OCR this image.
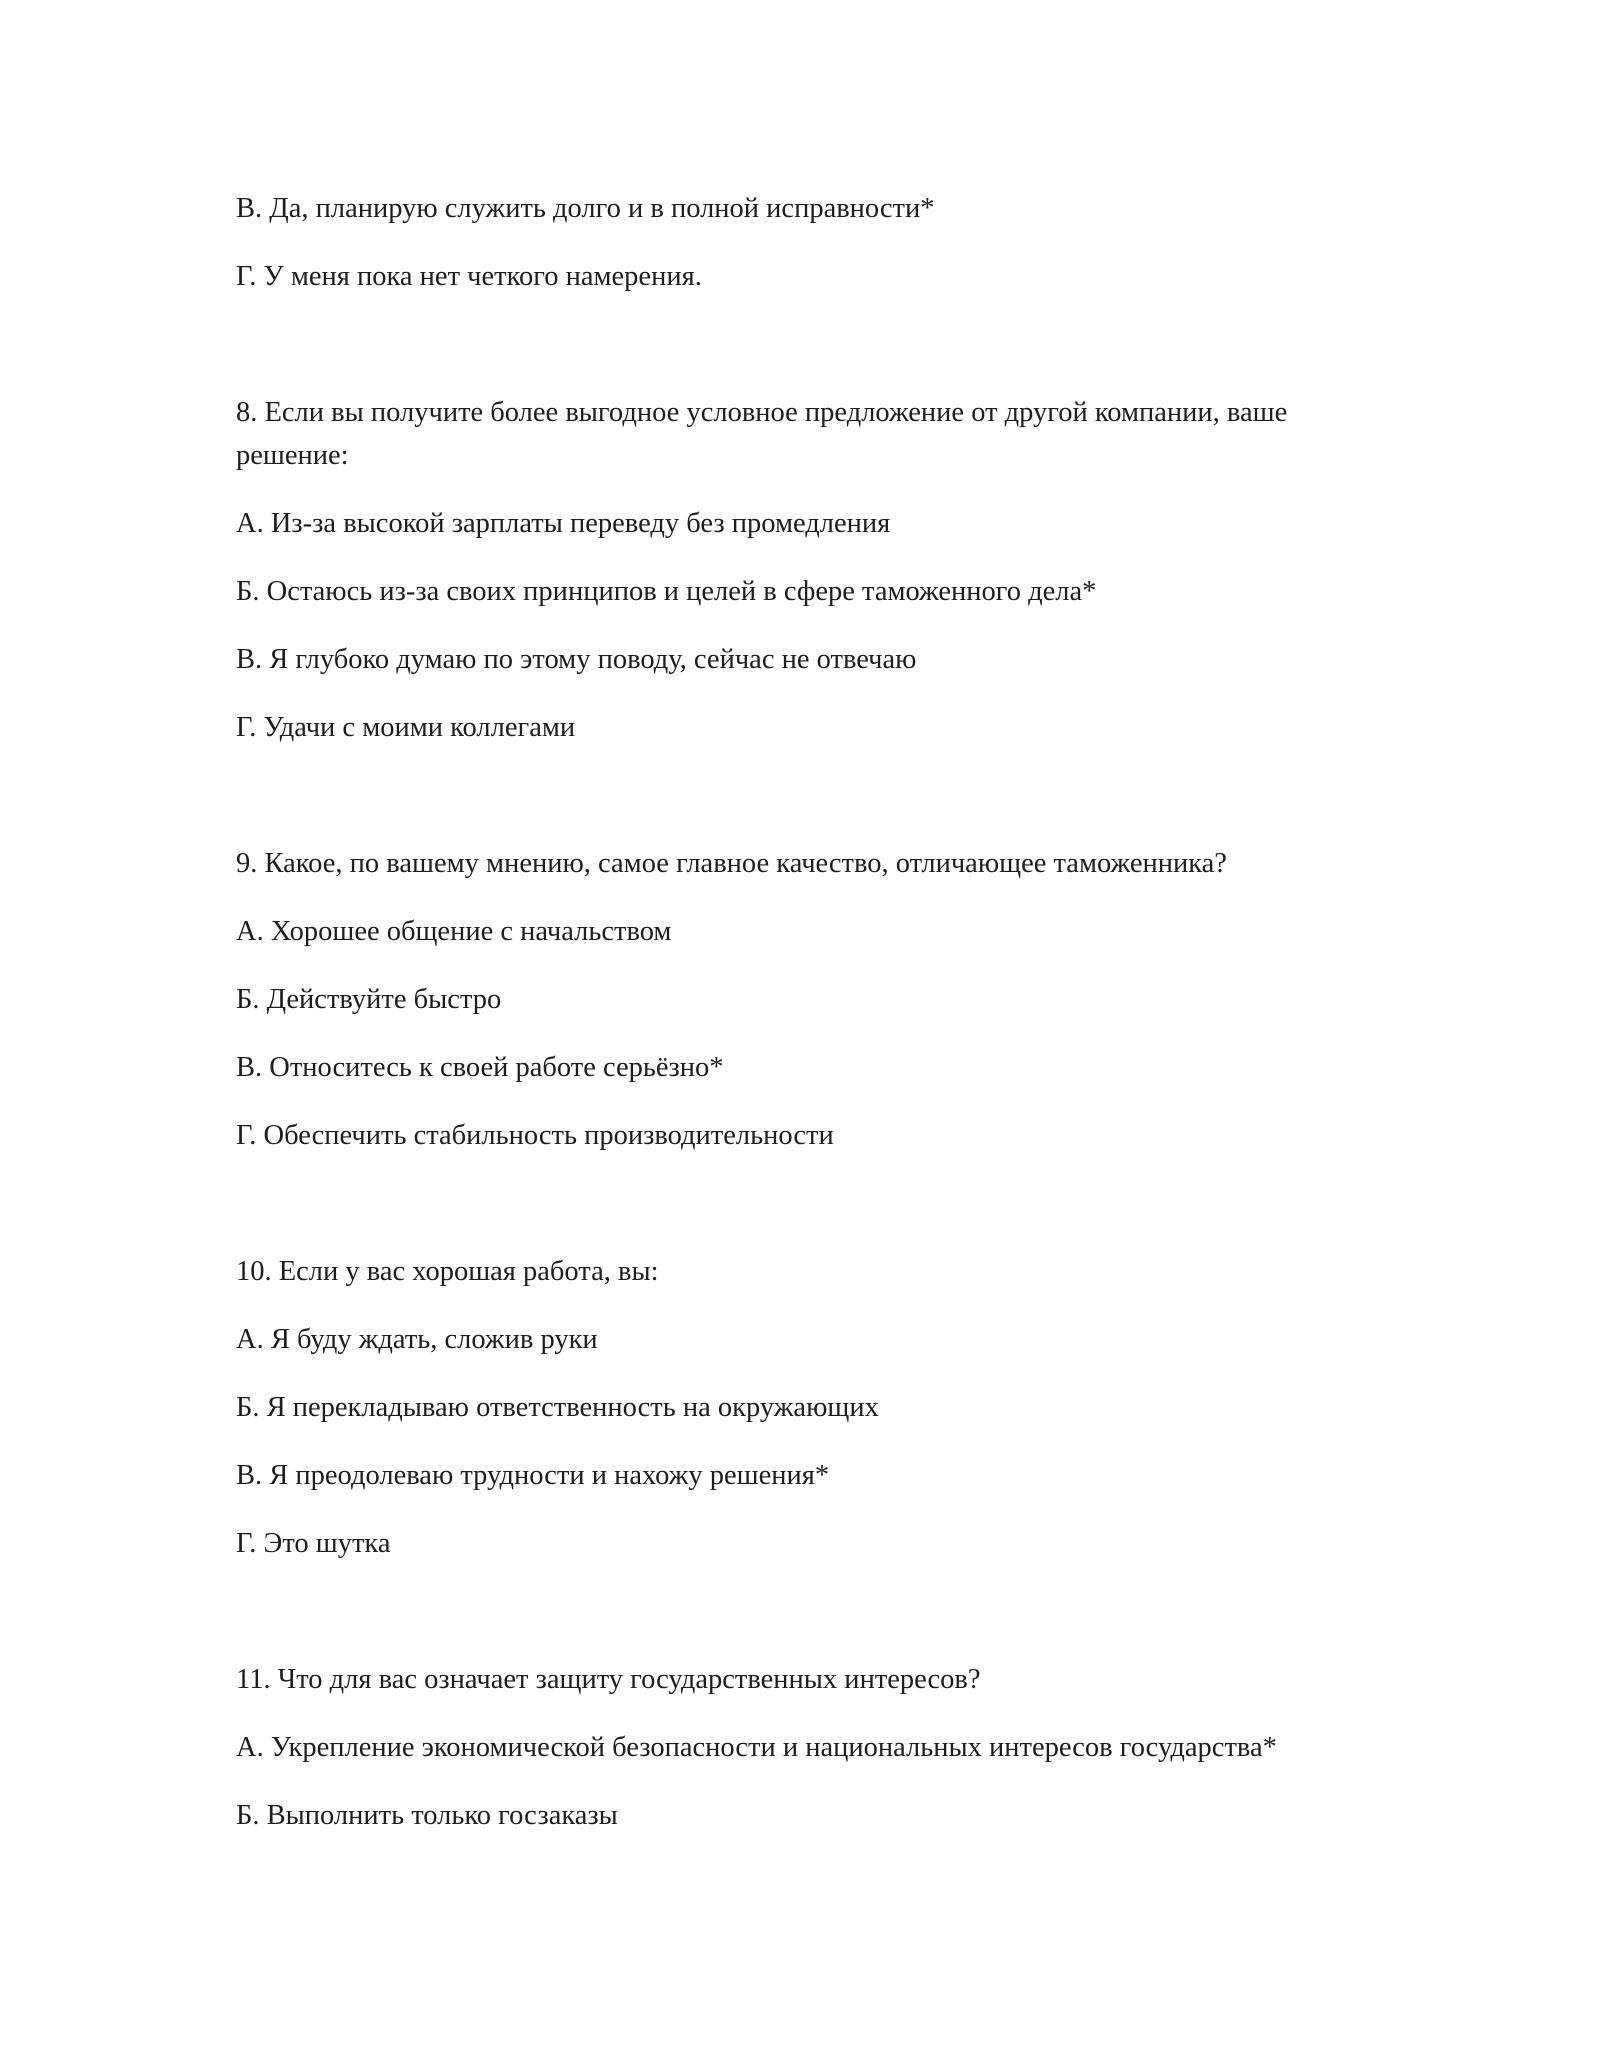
В. Да, планирую служить долго и в полной исправности*

Г. У меня пока нет четкого намерения.

8. Если вы получите более выгодное условное предложение от другой компании, ваше решение:

А. Из-за высокой зарплаты переведу без промедления

Б. Остаюсь из-за своих принципов и целей в сфере таможенного дела*

В. Я глубоко думаю по этому поводу, сейчас не отвечаю

Г. Удачи с моими коллегами

9. Какое, по вашему мнению, самое главное качество, отличающее таможенника?

А. Хорошее общение с начальством

Б. Действуйте быстро

В. Относитесь к своей работе серьёзно*

Г. Обеспечить стабильность производительности

10. Если у вас хорошая работа, вы:

А. Я буду ждать, сложив руки

Б. Я перекладываю ответственность на окружающих

В. Я преодолеваю трудности и нахожу решения*

Г. Это шутка

11. Что для вас означает защиту государственных интересов?

А. Укрепление экономической безопасности и национальных интересов государства*

Б. Выполнить только госзаказы
